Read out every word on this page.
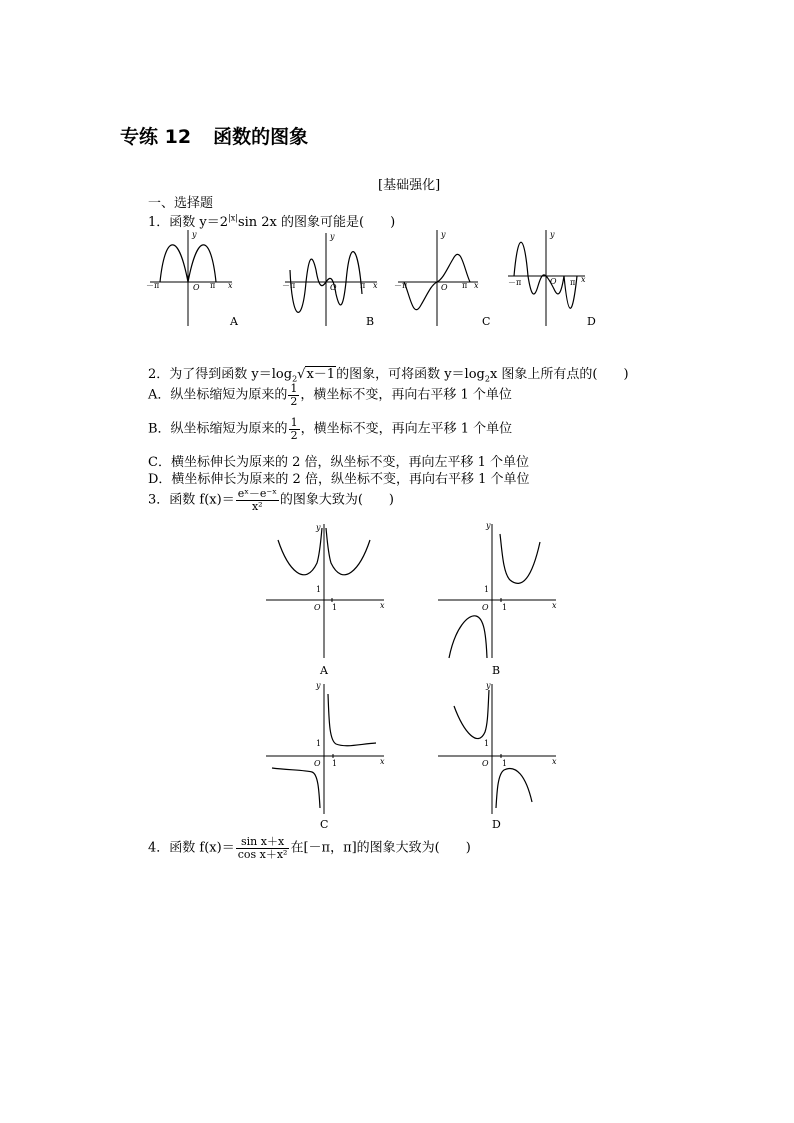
专练 12 函数的图象
[基础强化]
一、选择题
1．函数 $y=2^{|x|}\sin$ 2x 的图象可能是(　　)
y
x
O
－π	π
A
y
x
O
－π	π
B
y
x
O
－π	π
C
y
x
O
－π	π
D
2．为了得到函数 $y=\log_2√x-1$的图象，可将函数 $y=\log_2x$ 图象上所有点的(　　)
A．纵坐标缩短为原来的 $\frac{1}{2}$ ，横坐标不变，再向右平移 1 个单位
B．纵坐标缩短为原来的 $\frac{1}{2}$ ，横坐标不变，再向左平移 1 个单位
C．横坐标伸长为原来的 2 倍，纵坐标不变，再向左平移 1 个单位
D．横坐标伸长为原来的 2 倍，纵坐标不变，再向右平移 1 个单位
3．函数 $f(x)= \frac{\text{eˣ－e⁻ˣ}}{\text{x²}}$ 的图象大致为(　　)
y
x
O 1
1
A
y
x
O 1
1
B
y
x
O 1
1
C
y
x
O 1
1
D
4．函数 $f(x)= \frac{\text{sin x＋x}}{\text{cos x＋x²}}$ 在[－π，π]的图象大致为(　　)
